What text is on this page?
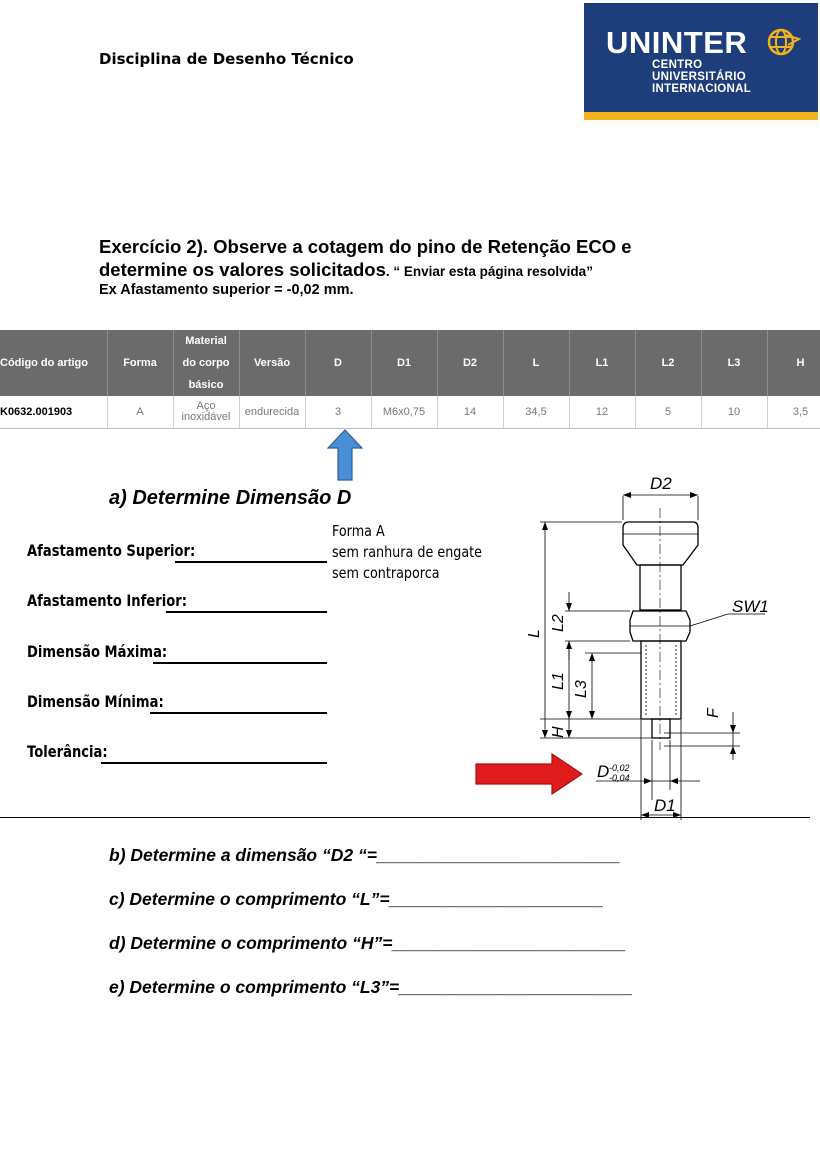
Disciplina de Desenho Técnico	UNINTER
CENTRO
UNIVERSITÁRIO
INTERNACIONAL
Exercício 2). Observe a cotagem do pino de Retenção ECO e
determine os valores solicitados. “ Enviar esta página resolvida”
Ex Afastamento superior = -0,02 mm.
Código do artigo	Forma	Material
do corpo
básico	Versão	D	D1	D2	L	L1	L2	L3	H
K0632.001903	A	Aço
inoxidável	endurecida	3	M6x0,75	14	34,5	12	5	10	3,5
a) Determine Dimensão D
Afastamento Superior:
Afastamento Inferior:
Dimensão Máxima:
Dimensão Mínima:
Tolerância:
Forma A
sem ranhura de engate
sem contraporca
D2
SW1
D
D1
-0,02
-0,04
L
L2
L1 L3
H
F
b) Determine a dimensão “D2 “=_________________________
c) Determine o comprimento “L”=______________________
d) Determine o comprimento “H”=________________________
e) Determine o comprimento “L3”=________________________
